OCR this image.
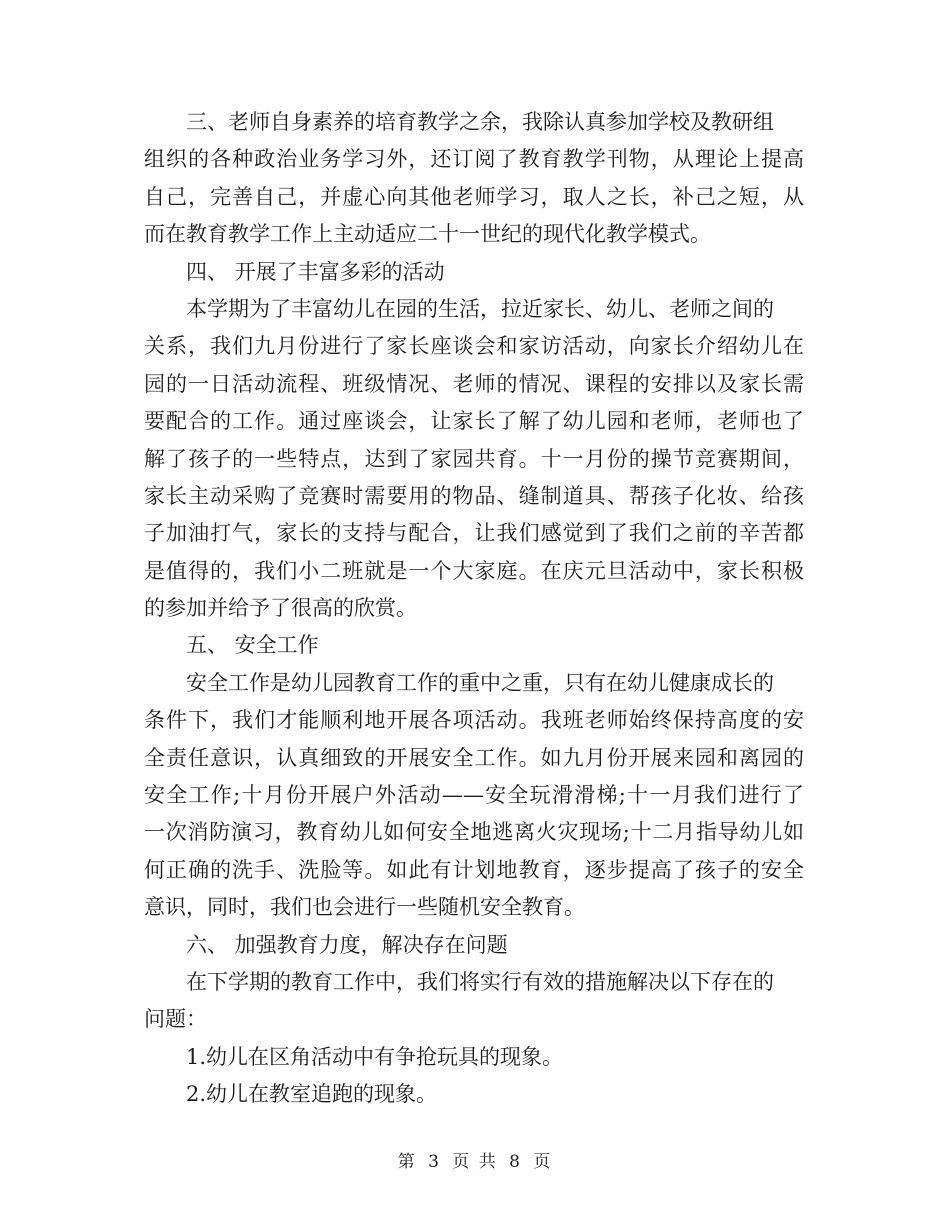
三、老师自身素养的培育教学之余，我除认真参加学校及教研组
组织的各种政治业务学习外，还订阅了教育教学刊物，从理论上提高
自己，完善自己，并虚心向其他老师学习，取人之长，补己之短，从
而在教育教学工作上主动适应二十一世纪的现代化教学模式。
四、 开展了丰富多彩的活动
本学期为了丰富幼儿在园的生活，拉近家长、幼儿、老师之间的
关系，我们九月份进行了家长座谈会和家访活动，向家长介绍幼儿在
园的一日活动流程、班级情况、老师的情况、课程的安排以及家长需
要配合的工作。通过座谈会，让家长了解了幼儿园和老师，老师也了
解了孩子的一些特点，达到了家园共育。十一月份的操节竞赛期间，
家长主动采购了竞赛时需要用的物品、缝制道具、帮孩子化妆、给孩
子加油打气，家长的支持与配合，让我们感觉到了我们之前的辛苦都
是值得的，我们小二班就是一个大家庭。在庆元旦活动中，家长积极
的参加并给予了很高的欣赏。
五、 安全工作
安全工作是幼儿园教育工作的重中之重，只有在幼儿健康成长的
条件下，我们才能顺利地开展各项活动。我班老师始终保持高度的安
全责任意识，认真细致的开展安全工作。如九月份开展来园和离园的
安全工作;十月份开展户外活动——安全玩滑滑梯;十一月我们进行了
一次消防演习，教育幼儿如何安全地逃离火灾现场;十二月指导幼儿如
何正确的洗手、洗脸等。如此有计划地教育，逐步提高了孩子的安全
意识，同时，我们也会进行一些随机安全教育。
六、 加强教育力度，解决存在问题
在下学期的教育工作中，我们将实行有效的措施解决以下存在的
问题：
1.幼儿在区角活动中有争抢玩具的现象。
2.幼儿在教室追跑的现象。
第 3 页 共 8 页
